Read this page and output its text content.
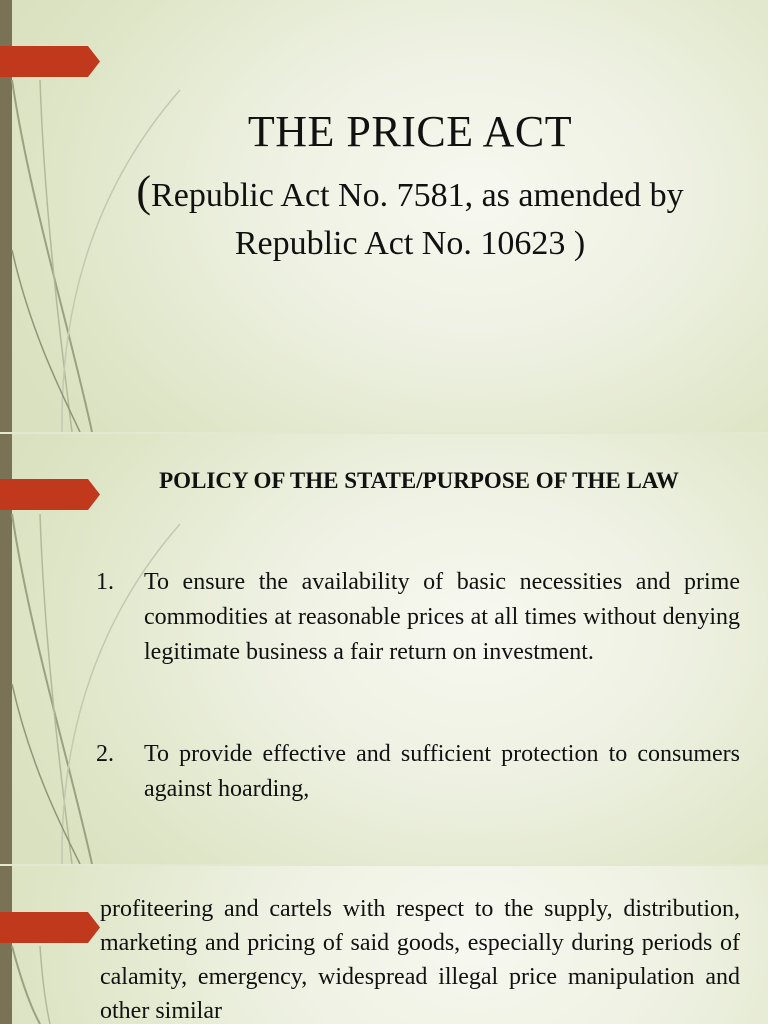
THE PRICE ACT
(Republic Act No. 7581, as amended by
Republic Act No. 10623 )
POLICY OF THE STATE/PURPOSE OF THE LAW
1.	To ensure the availability of basic necessities and prime commodities at reasonable prices at all times without denying legitimate business a fair return on investment.
2.	To provide effective and sufficient protection to consumers against hoarding,
profiteering and cartels with respect to the supply, distribution, marketing and pricing of said goods, especially during periods of calamity, emergency, widespread illegal price manipulation and other similar
